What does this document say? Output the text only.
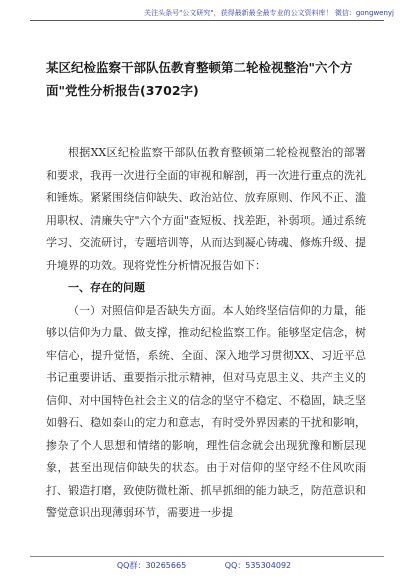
关注头条号"公文研究"，获得最新最全最专业的公文资料库！ 微信：gongwenyj
某区纪检监察干部队伍教育整顿第二轮检视整治"六个方面"党性分析报告(3702字)

根据XX区纪检监察干部队伍教育整顿第二轮检视整治的部署和要求，我再一次进行全面的审视和解剖，再一次进行重点的洗礼和锤炼。紧紧围绕信仰缺失、政治站位、放弃原则、作风不正、滥用职权、清廉失守"六个方面"查短板、找差距，补弱项。通过系统学习、交流研讨，专题培训等，从而达到凝心铸魂、修炼升级、提升境界的功效。现将党性分析情况报告如下：

一、存在的问题

（一）对照信仰是否缺失方面。本人始终坚信信仰的力量，能够以信仰为力量、做支撑，推动纪检监察工作。能够坚定信念，树牢信心，提升觉悟，系统、全面、深入地学习贯彻XX、习近平总书记重要讲话、重要指示批示精神，但对马克思主义、共产主义的信仰、对中国特色社会主义的信念的坚守不稳定、不稳固，缺乏坚如磐石、稳如泰山的定力和意志，有时受外界因素的干扰和影响，掺杂了个人思想和情绪的影响，理性信念就会出现犹豫和断层现象，甚至出现信仰缺失的状态。由于对信仰的坚守经不住风吹雨打、锻造打磨，致使防微杜渐、抓早抓细的能力缺乏，防范意识和警觉意识出现薄弱环节，需要进一步提

QQ群：30265665	QQ：535304092
